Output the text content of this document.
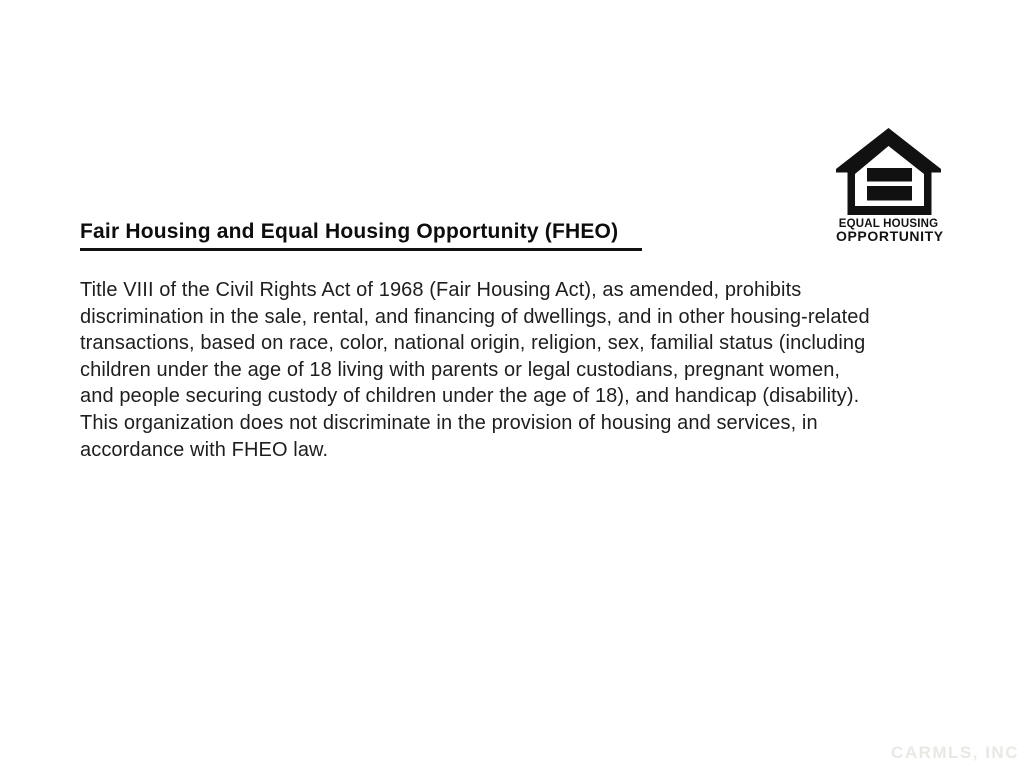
EQUAL HOUSING
OPPORTUNITY
Fair Housing and Equal Housing Opportunity (FHEO)
Title VIII of the Civil Rights Act of 1968 (Fair Housing Act), as amended, prohibits
discrimination in the sale, rental, and financing of dwellings, and in other housing-related
transactions, based on race, color, national origin, religion, sex, familial status (including
children under the age of 18 living with parents or legal custodians, pregnant women,
and people securing custody of children under the age of 18), and handicap (disability).
This organization does not discriminate in the provision of housing and services, in
accordance with FHEO law.
CARMLS, INC
